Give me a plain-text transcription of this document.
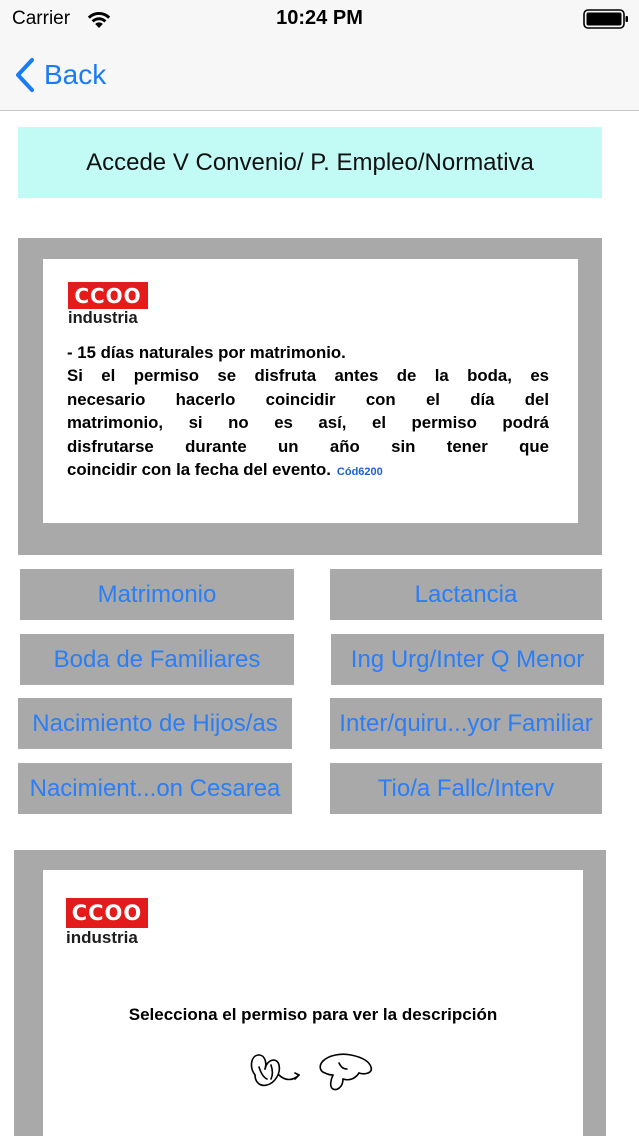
Carrier	10:24 PM
Back
Accede V Convenio/ P. Empleo/Normativa
CCOO
industria
- 15 días naturales por matrimonio.
Si el permiso se disfruta antes de la boda, es
necesario hacerlo coincidir con el día del
matrimonio, si no es así, el permiso podrá
disfrutarse durante un año sin tener que
coincidir con la fecha del evento. Cód6200
Matrimonio	Lactancia
Boda de Familiares	Ing Urg/Inter Q Menor
Nacimiento de Hijos/as	Inter/quiru...yor Familiar
Nacimient...on Cesarea	Tio/a Fallc/Interv
CCOO
industria
Selecciona el permiso para ver la descripción
